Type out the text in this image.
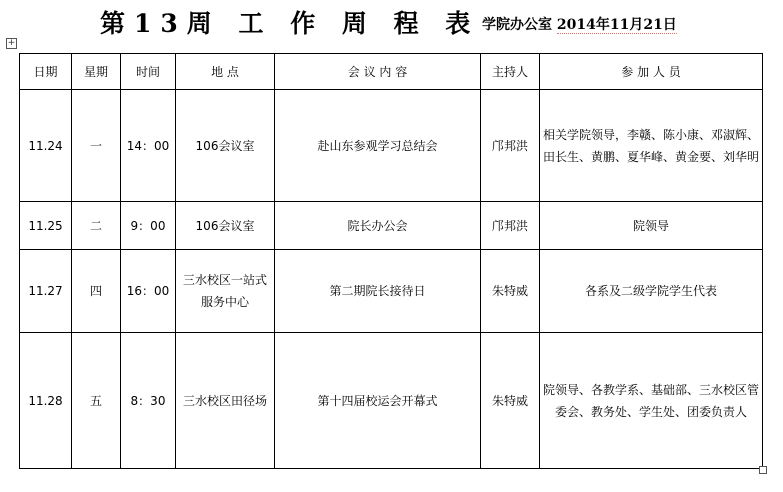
第13周 工 作 周 程 表 学院办公室 2014年11月21日
+
日期	星期	时间	地 点	会 议 内 容	主持人	参 加 人 员
11.24	一	14：00	106会议室	赴山东参观学习总结会	邝邦洪	相关学院领导，李赣、陈小康、邓淑辉、田长生、黄鹏、夏华峰、黄金要、刘华明
11.25	二	9：00	106会议室	院长办公会	邝邦洪	院领导
11.27	四	16：00	三水校区一站式服务中心	第二期院长接待日	朱特威	各系及二级学院学生代表
11.28	五	8：30	三水校区田径场	第十四届校运会开幕式	朱特威	院领导、各教学系、基础部、三水校区管委会、教务处、学生处、团委负责人
